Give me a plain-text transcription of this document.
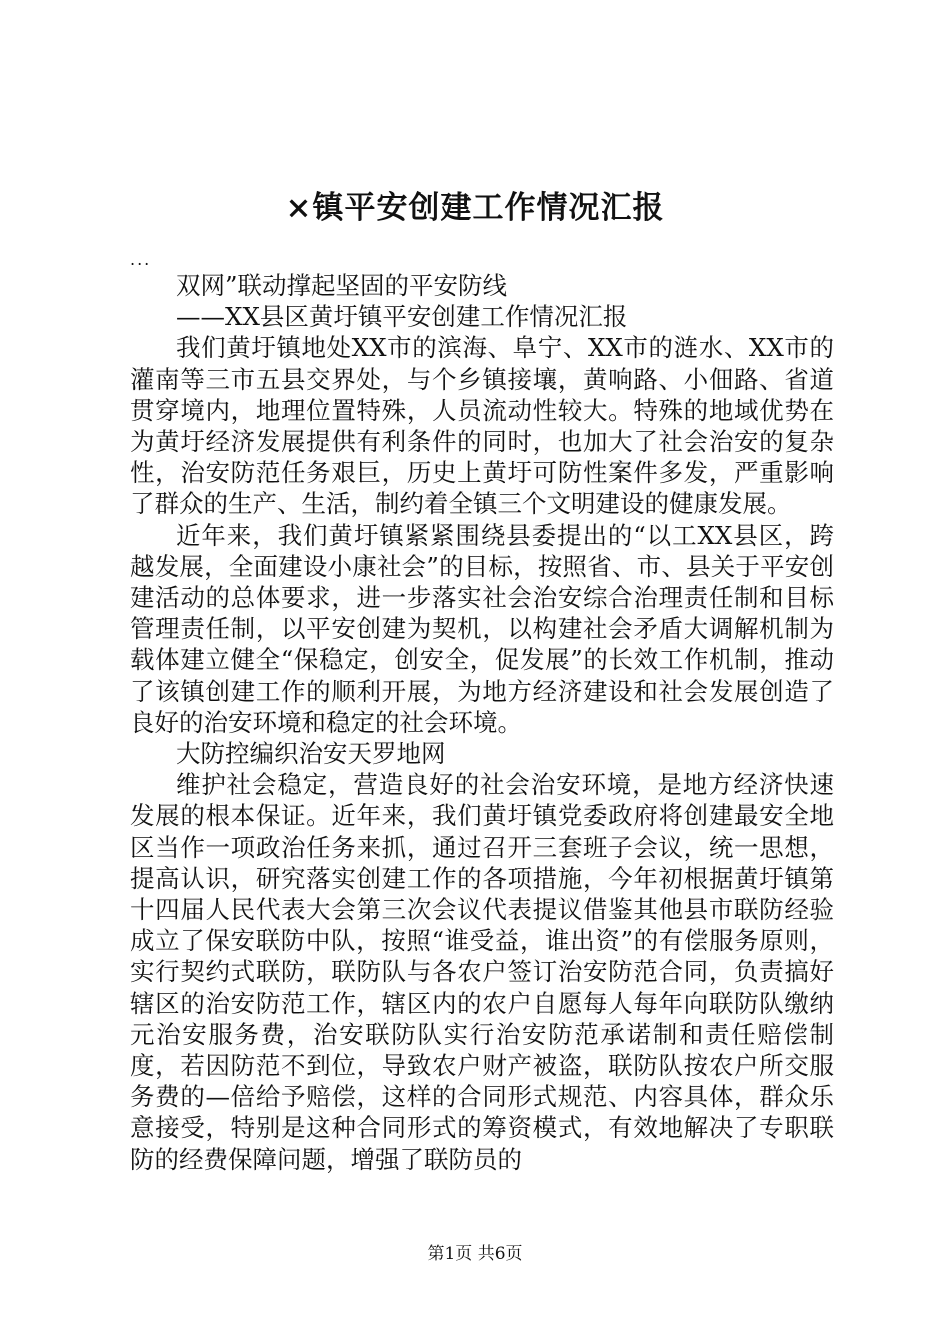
×镇平安创建工作情况汇报

...

双网”联动撑起坚固的平安防线

——XX县区黄圩镇平安创建工作情况汇报

我们黄圩镇地处XX市的滨海、阜宁、XX市的涟水、XX市的灌南等三市五县交界处，与个乡镇接壤，黄响路、小佃路、省道贯穿境内，地理位置特殊，人员流动性较大。特殊的地域优势在为黄圩经济发展提供有利条件的同时，也加大了社会治安的复杂性，治安防范任务艰巨，历史上黄圩可防性案件多发，严重影响了群众的生产、生活，制约着全镇三个文明建设的健康发展。

近年来，我们黄圩镇紧紧围绕县委提出的“以工XX县区，跨越发展，全面建设小康社会”的目标，按照省、市、县关于平安创建活动的总体要求，进一步落实社会治安综合治理责任制和目标管理责任制，以平安创建为契机，以构建社会矛盾大调解机制为载体建立健全“保稳定，创安全，促发展”的长效工作机制，推动了该镇创建工作的顺利开展，为地方经济建设和社会发展创造了良好的治安环境和稳定的社会环境。

大防控编织治安天罗地网

维护社会稳定，营造良好的社会治安环境，是地方经济快速发展的根本保证。近年来，我们黄圩镇党委政府将创建最安全地区当作一项政治任务来抓，通过召开三套班子会议，统一思想，提高认识，研究落实创建工作的各项措施，今年初根据黄圩镇第十四届人民代表大会第三次会议代表提议借鉴其他县市联防经验成立了保安联防中队，按照“谁受益，谁出资”的有偿服务原则，实行契约式联防，联防队与各农户签订治安防范合同，负责搞好辖区的治安防范工作，辖区内的农户自愿每人每年向联防队缴纳元治安服务费，治安联防队实行治安防范承诺制和责任赔偿制度，若因防范不到位，导致农户财产被盗，联防队按农户所交服务费的—倍给予赔偿，这样的合同形式规范、内容具体，群众乐意接受，特别是这种合同形式的筹资模式，有效地解决了专职联防的经费保障问题，增强了联防员的

第1页 共6页
